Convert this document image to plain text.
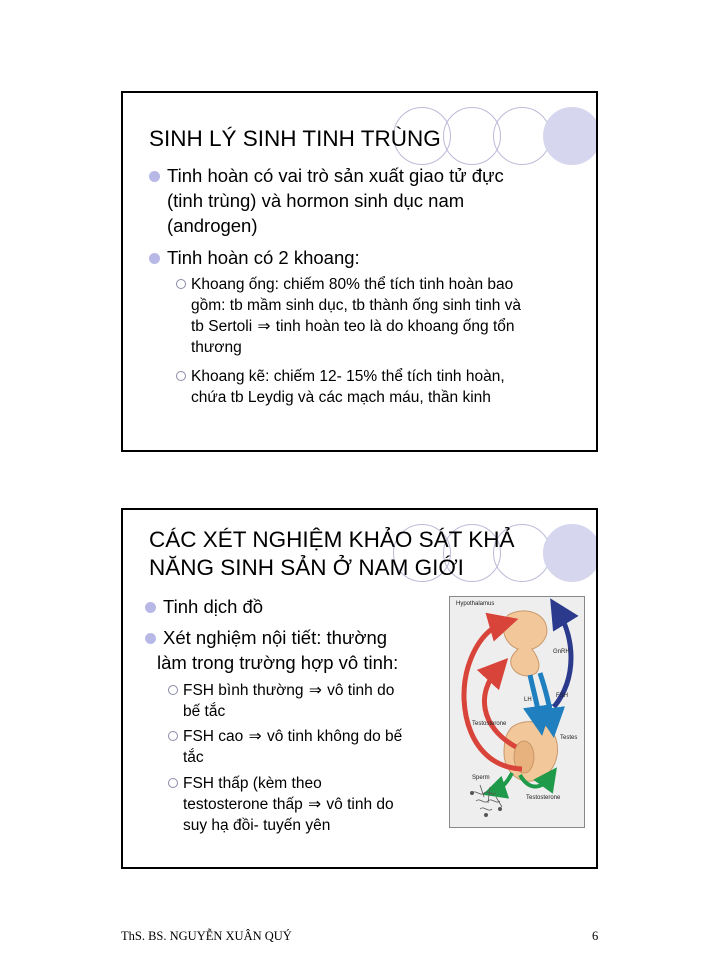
SINH LÝ SINH TINH TRÙNG
Tinh hoàn có vai trò sản xuất giao tử đực
(tinh trùng) và hormon sinh dục nam
(androgen)
Tinh hoàn có 2 khoang:
Khoang ống: chiếm 80% thể tích tinh hoàn bao
gồm: tb mầm sinh dục, tb thành ống sinh tinh và
tb Sertoli ⇒ tinh hoàn teo là do khoang ống tổn
thương
Khoang kẽ: chiếm 12- 15% thể tích tinh hoàn,
chứa tb Leydig và các mạch máu, thần kinh
CÁC XÉT NGHIỆM KHẢO SÁT KHẢ
NĂNG SINH SẢN Ở NAM GIỚI
Tinh dịch đồ
Xét nghiệm nội tiết: thường
làm trong trường hợp vô tinh:
FSH bình thường ⇒ vô tinh do
bế tắc
FSH cao ⇒ vô tinh không do bế
tắc
FSH thấp (kèm theo
testosterone thấp ⇒ vô tinh do
suy hạ đồi- tuyến yên
Hypothalamus
GnRH
LH
FSH
Testosterone
Testes
Sperm
Testosterone
ThS. BS. NGUYỄN XUÂN QUÝ	6
